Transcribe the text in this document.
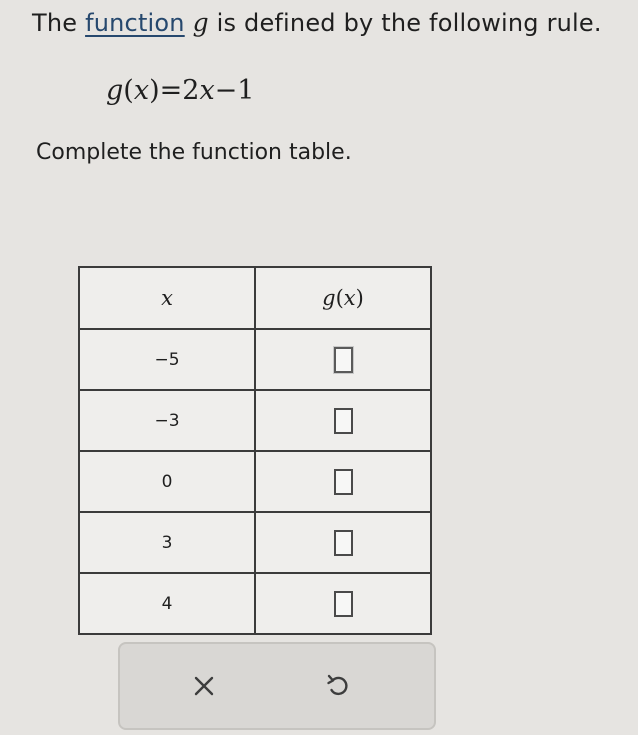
The function g is defined by the following rule.
g(x)=2x−1
Complete the function table.
x	g(x)
−5	
−3	
0	
3	
4	
